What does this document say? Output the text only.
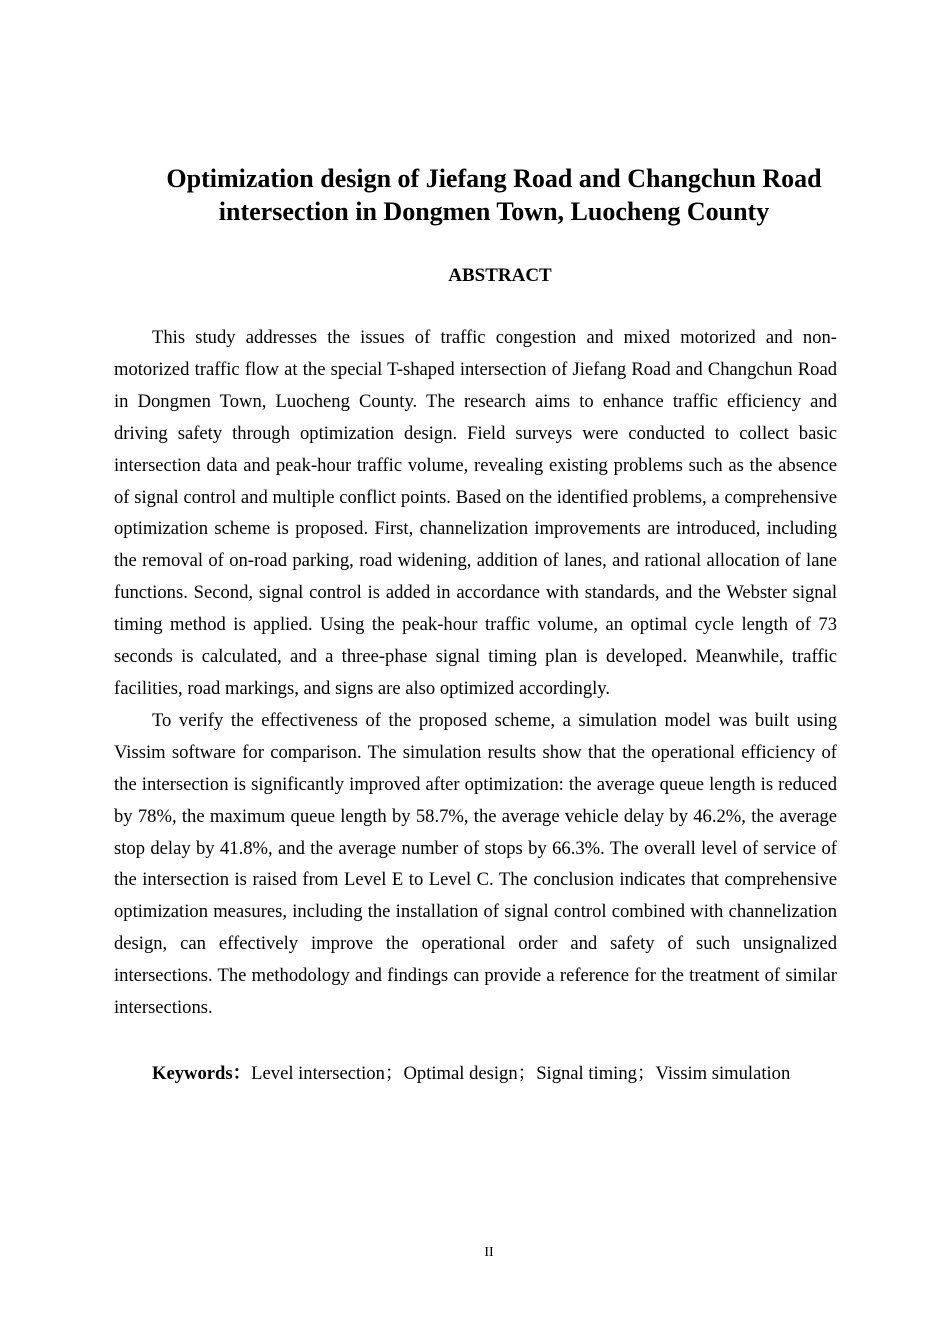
Optimization design of Jiefang Road and Changchun Road
intersection in Dongmen Town, Luocheng County
ABSTRACT

This study addresses the issues of traffic congestion and mixed motorized and non-motorized traffic flow at the special T-shaped intersection of Jiefang Road and Changchun Road in Dongmen Town, Luocheng County. The research aims to enhance traffic efficiency and driving safety through optimization design. Field surveys were conducted to collect basic intersection data and peak-hour traffic volume, revealing existing problems such as the absence of signal control and multiple conflict points. Based on the identified problems, a comprehensive optimization scheme is proposed. First, channelization improvements are introduced, including the removal of on-road parking, road widening, addition of lanes, and rational allocation of lane functions. Second, signal control is added in accordance with standards, and the Webster signal timing method is applied. Using the peak-hour traffic volume, an optimal cycle length of 73 seconds is calculated, and a three-phase signal timing plan is developed. Meanwhile, traffic facilities, road markings, and signs are also optimized accordingly.

To verify the effectiveness of the proposed scheme, a simulation model was built using Vissim software for comparison. The simulation results show that the operational efficiency of the intersection is significantly improved after optimization: the average queue length is reduced by 78%, the maximum queue length by 58.7%, the average vehicle delay by 46.2%, the average stop delay by 41.8%, and the average number of stops by 66.3%. The overall level of service of the intersection is raised from Level E to Level C. The conclusion indicates that comprehensive optimization measures, including the installation of signal control combined with channelization design, can effectively improve the operational order and safety of such unsignalized intersections. The methodology and findings can provide a reference for the treatment of similar intersections.

Keywords：Level intersection；Optimal design；Signal timing；Vissim simulation
II
